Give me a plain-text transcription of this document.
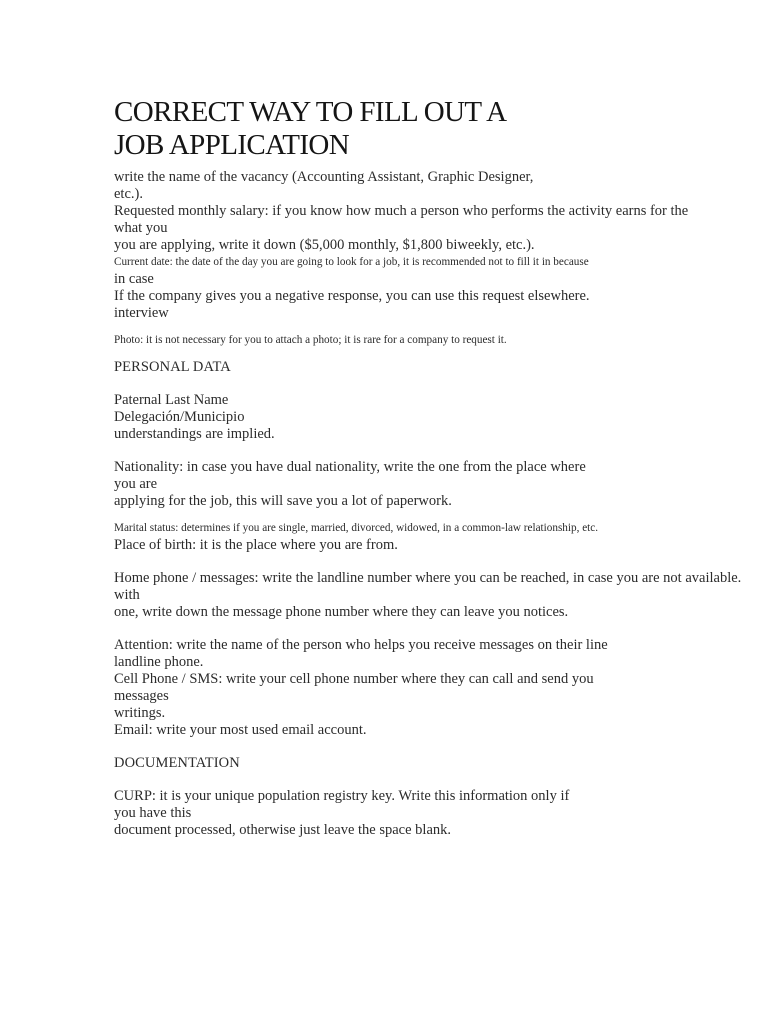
CORRECT WAY TO FILL OUT A
JOB APPLICATION
write the name of the vacancy (Accounting Assistant, Graphic Designer,
etc.).
Requested monthly salary: if you know how much a person who performs the activity earns for the
what you
you are applying, write it down ($5,000 monthly, $1,800 biweekly, etc.).
Current date: the date of the day you are going to look for a job, it is recommended not to fill it in because
in case
If the company gives you a negative response, you can use this request elsewhere.
interview
Photo: it is not necessary for you to attach a photo; it is rare for a company to request it.
PERSONAL DATA
Paternal Last Name
Delegación/Municipio
understandings are implied.
Nationality: in case you have dual nationality, write the one from the place where
you are
applying for the job, this will save you a lot of paperwork.
Marital status: determines if you are single, married, divorced, widowed, in a common-law relationship, etc.
Place of birth: it is the place where you are from.
Home phone / messages: write the landline number where you can be reached, in case you are not available.
with
one, write down the message phone number where they can leave you notices.
Attention: write the name of the person who helps you receive messages on their line
landline phone.
Cell Phone / SMS: write your cell phone number where they can call and send you
messages
writings.
Email: write your most used email account.
DOCUMENTATION
CURP: it is your unique population registry key. Write this information only if
you have this
document processed, otherwise just leave the space blank.
